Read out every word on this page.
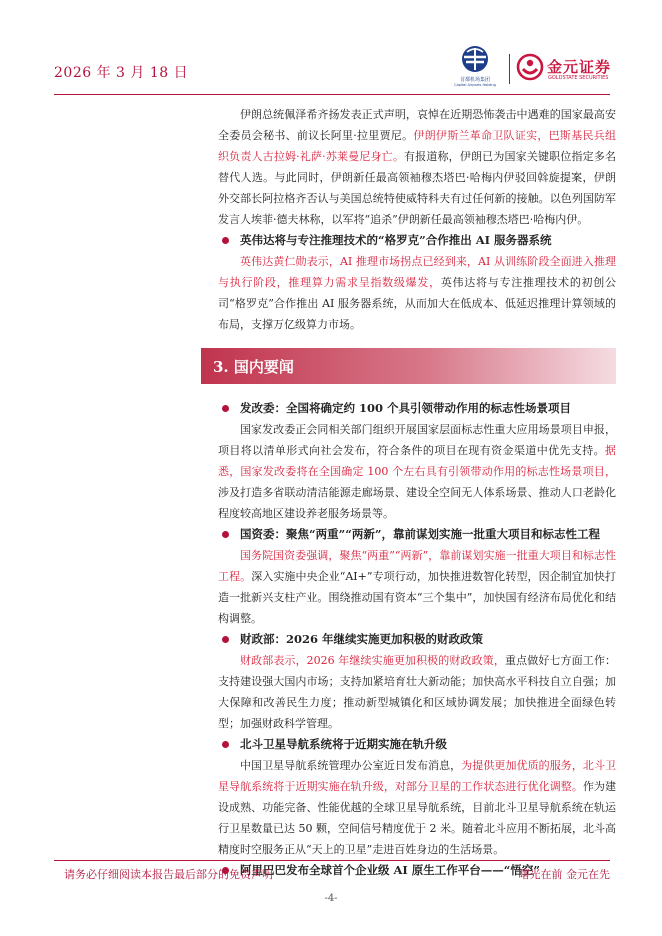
2026 年 3 月 18 日	首都机场集团
Capital Airports Holding
金元证券
GOLDSTATE SECURITIES

伊朗总统佩泽希齐扬发表正式声明，哀悼在近期恐怖袭击中遇难的国家最高安全委员会秘书、前议长阿里·拉里贾尼。伊朗伊斯兰革命卫队证实，巴斯基民兵组织负责人古拉姆·礼萨·苏莱曼尼身亡。有报道称，伊朗已为国家关键职位指定多名替代人选。与此同时，伊朗新任最高领袖穆杰塔巴·哈梅内伊驳回斡旋提案，伊朗外交部长阿拉格齐否认与美国总统特使威特科夫有过任何新的接触。以色列国防军发言人埃菲·德夫林称，以军将“追杀”伊朗新任最高领袖穆杰塔巴·哈梅内伊。

英伟达将与专注推理技术的“格罗克”合作推出 AI 服务器系统

英伟达黄仁勋表示，AI 推理市场拐点已经到来，AI 从训练阶段全面进入推理与执行阶段，推理算力需求呈指数级爆发，英伟达将与专注推理技术的初创公司“格罗克”合作推出 AI 服务器系统，从而加大在低成本、低延迟推理计算领域的布局，支撑万亿级算力市场。

3. 国内要闻

发改委：全国将确定约 100 个具引领带动作用的标志性场景项目

国家发改委正会同相关部门组织开展国家层面标志性重大应用场景项目申报，项目将以清单形式向社会发布，符合条件的项目在现有资金渠道中优先支持。据悉，国家发改委将在全国确定 100 个左右具有引领带动作用的标志性场景项目，涉及打造多省联动清洁能源走廊场景、建设全空间无人体系场景、推动人口老龄化程度较高地区建设养老服务场景等。

国资委：聚焦“两重”“两新”，靠前谋划实施一批重大项目和标志性工程

国务院国资委强调，聚焦“两重”“两新”，靠前谋划实施一批重大项目和标志性工程。深入实施中央企业“AI+”专项行动，加快推进数智化转型，因企制宜加快打造一批新兴支柱产业。围绕推动国有资本“三个集中”，加快国有经济布局优化和结构调整。

财政部：2026 年继续实施更加积极的财政政策

财政部表示，2026 年继续实施更加积极的财政政策，重点做好七方面工作：支持建设强大国内市场；支持加紧培育壮大新动能；加快高水平科技自立自强；加大保障和改善民生力度；推动新型城镇化和区域协调发展；加快推进全面绿色转型；加强财政科学管理。

北斗卫星导航系统将于近期实施在轨升级

中国卫星导航系统管理办公室近日发布消息，为提供更加优质的服务，北斗卫星导航系统将于近期实施在轨升级，对部分卫星的工作状态进行优化调整。作为建设成熟、功能完备、性能优越的全球卫星导航系统，目前北斗卫星导航系统在轨运行卫星数量已达 50 颗，空间信号精度优于 2 米。随着北斗应用不断拓展，北斗高精度时空服务正从“天上的卫星”走进百姓身边的生活场景。

阿里巴巴发布全球首个企业级 AI 原生工作平台——“悟空”

请务必仔细阅读本报告最后部分的免责声明	曙光在前 金元在先
-4-
